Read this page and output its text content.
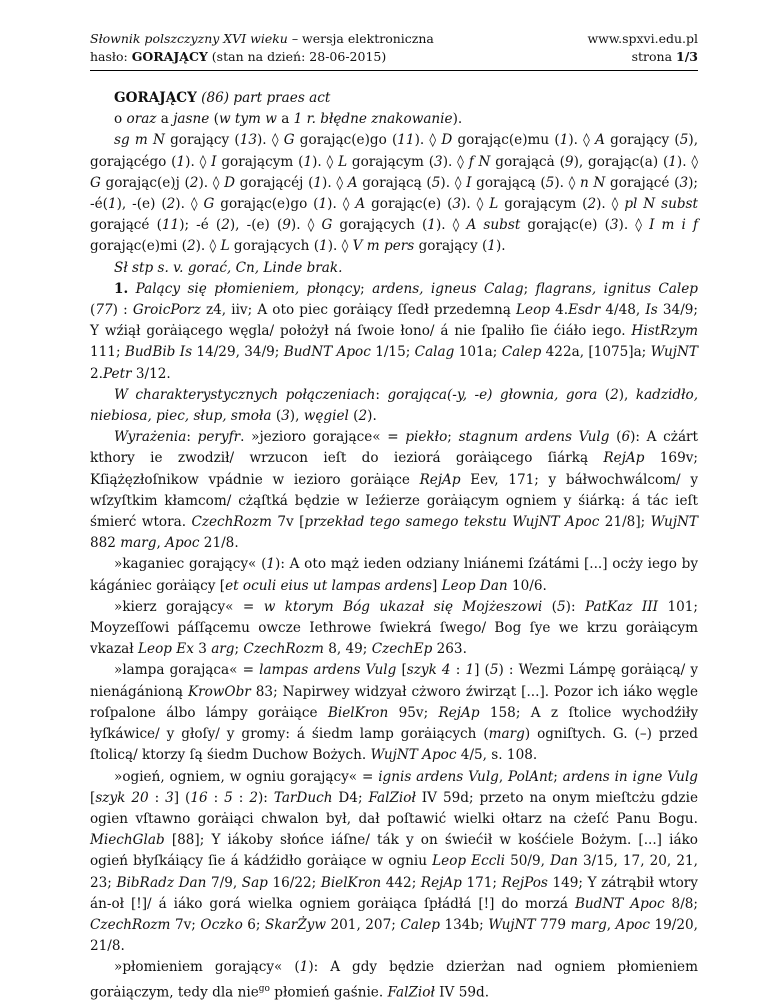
Słownik polszczyzny XVI wieku – wersja elektroniczna
hasło: GORAJĄCY (stan na dzień: 28-06-2015)
www.spxvi.edu.pl
strona 1/3

GORAJĄCY (86) part praes act

o oraz a jasne (w tym w a 1 r. błędne znakowanie).

sg m N gorający (13). ◊ G gorając(e)go (11). ◊ D gorając(e)mu (1). ◊ A gorający (5), gorającégo (1). ◊ I gorającym (1). ◊ L gorającym (3). ◊ f N gorającȧ (9), gorając(a) (1). ◊ G gorając(e)j (2). ◊ D gorającéj (1). ◊ A gorającą (5). ◊ I gorającą (5). ◊ n N gorającé (3); -é(1), -(e) (2). ◊ G gorając(e)go (1). ◊ A gorając(e) (3). ◊ L gorającym (2). ◊ pl N subst gorającé (11); -é (2), -(e) (9). ◊ G gorających (1). ◊ A subst gorając(e) (3). ◊ I m i f gorając(e)mi (2). ◊ L gorających (1). ◊ V m pers gorający (1).

Sł stp s. v. gorać, Cn, Linde brak.

1. Palący się płomieniem, płonący; ardens, igneus Calag; flagrans, ignitus Calep (77) : GroicPorz z4, iiv; A oto piec gorȧiący ſſedł przedemną Leop 4.Esdr 4/48, Is 34/9; Y wźiął gorȧiącego węgla/ położył ná ſwoie łono/ á nie ſpaliło ſie ćiáło iego. HistRzym 111; BudBib Is 14/29, 34/9; BudNT Apoc 1/15; Calag 101a; Calep 422a, [1075]a; WujNT 2.Petr 3/12.

W charakterystycznych połączeniach: gorająca(-y, -e) głownia, gora (2), kadzidło, niebiosa, piec, słup, smoła (3), węgiel (2).

Wyrażenia: peryfr. »jezioro gorające« = piekło; stagnum ardens Vulg (6): A cżárt kthory ie zwodził/ wrzucon ieſt do ieziorá gorȧiącego ſiárką RejAp 169v; Kſiążęzłoſnikow vpádnie w iezioro gorȧiące RejAp Eev, 171; y báłwochwálcom/ y wſzyſtkim kłamcom/ cżąſtká będzie w Ieźierze gorȧiącym ogniem y śiárką: á tác ieſt śmierć wtora. CzechRozm 7v [przekład tego samego tekstu WujNT Apoc 21/8]; WujNT 882 marg, Apoc 21/8.

»kaganiec gorający« (1): A oto mąż ieden odziany lniánemi ſzátámi [...] ocży iego by kágániec gorȧiący [et oculi eius ut lampas ardens] Leop Dan 10/6.

»kierz gorający« = w ktorym Bóg ukazał się Mojżeszowi (5): PatKaz III 101; Moyzeſſowi páſſącemu owcze Iethrowe ſwiekrá ſwego/ Bog ſye we krzu gorȧiącym vkazał Leop Ex 3 arg; CzechRozm 8, 49; CzechEp 263.

»lampa gorająca« = lampas ardens Vulg [szyk 4 : 1] (5) : Wezmi Lámpę gorȧiącą/ y nienágánioną KrowObr 83; Napirwey widzyał cżworo źwirząt [...]. Pozor ich iáko węgle roſpalone álbo lámpy gorȧiące BielKron 95v; RejAp 158; A z ſtolice wychodźiły łyſkáwice/ y głoſy/ y gromy: á śiedm lamp gorȧiących (marg) ogniſtych. G. (–) przed ſtolicą/ ktorzy ſą śiedm Duchow Bożych. WujNT Apoc 4/5, s. 108.

»ogień, ogniem, w ogniu gorający« = ignis ardens Vulg, PolAnt; ardens in igne Vulg [szyk 20 : 3] (16 : 5 : 2): TarDuch D4; FalZioł IV 59d; przeto na onym mieſtcżu gdzie ogien vſtawno gorȧiąci chwalon był, dał poſtawić wielki ołtarz na cżeſć Panu Bogu. MiechGlab [88]; Y iákoby słońce iáſne/ ták y on świećił w kośćiele Bożym. [...] iáko ogień błyſkáiący ſie á kádźidło gorȧiące w ogniu Leop Eccli 50/9, Dan 3/15, 17, 20, 21, 23; BibRadz Dan 7/9, Sap 16/22; BielKron 442; RejAp 171; RejPos 149; Y zátrąbił wtory án-oł [!]/ á iáko gorá wielka ogniem gorȧiąca ſpłádłá [!] do morzá BudNT Apoc 8/8; CzechRozm 7v; Oczko 6; SkarŻyw 201, 207; Calep 134b; WujNT 779 marg, Apoc 19/20, 21/8.

»płomieniem gorający« (1): A gdy będzie dzierżan nad ogniem płomieniem gorȧiączym, tedy dla nie$^{go}$ płomień gaśnie. FalZioł IV 59d.
